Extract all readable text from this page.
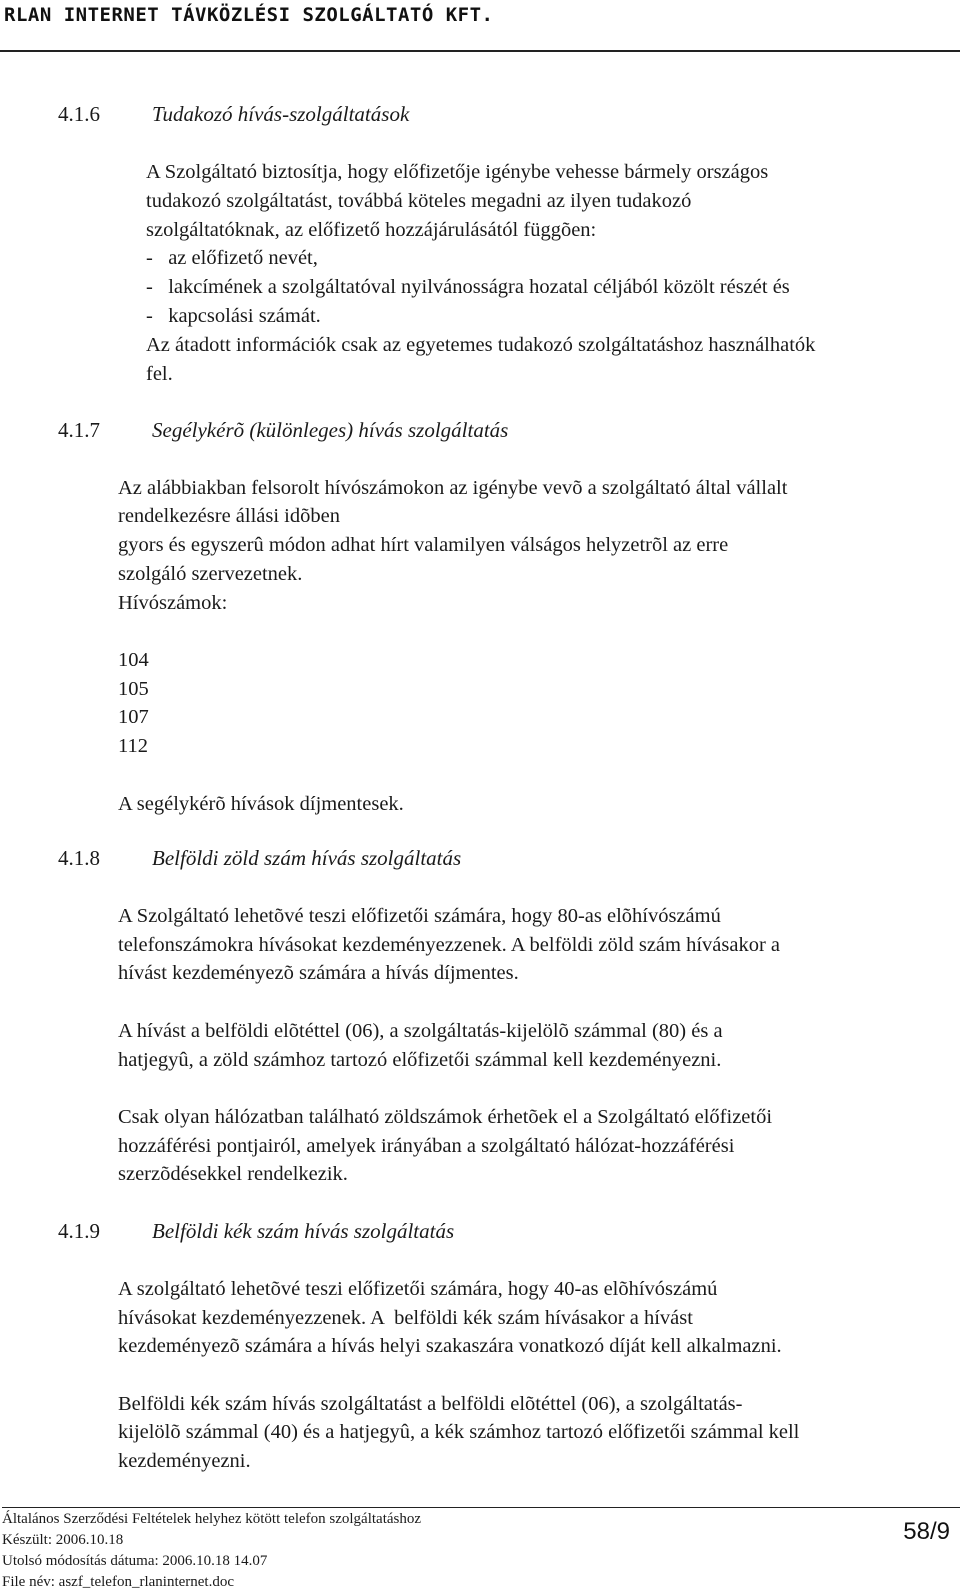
RLAN INTERNET TÁVKÖZLÉSI SZOLGÁLTATÓ KFT.
4.1.6 Tudakozó hívás-szolgáltatások
A Szolgáltató biztosítja, hogy előfizetője igénybe vehesse bármely országos
tudakozó szolgáltatást, továbbá köteles megadni az ilyen tudakozó
szolgáltatóknak, az előfizető hozzájárulásától függõen:
-   az előfizető nevét,
-   lakcímének a szolgáltatóval nyilvánosságra hozatal céljából közölt részét és
-   kapcsolási számát.
Az átadott információk csak az egyetemes tudakozó szolgáltatáshoz használhatók
fel.
4.1.7 Segélykérõ (különleges) hívás szolgáltatás
Az alábbiakban felsorolt hívószámokon az igénybe vevõ a szolgáltató által vállalt
rendelkezésre állási idõben
gyors és egyszerû módon adhat hírt valamilyen válságos helyzetrõl az erre
szolgáló szervezetnek.
Hívószámok:
104
105
107
112
A segélykérõ hívások díjmentesek.
4.1.8 Belföldi zöld szám hívás szolgáltatás
A Szolgáltató lehetõvé teszi előfizetői számára, hogy 80-as elõhívószámú
telefonszámokra hívásokat kezdeményezzenek. A belföldi zöld szám hívásakor a
hívást kezdeményezõ számára a hívás díjmentes.
A hívást a belföldi elõtéttel (06), a szolgáltatás-kijelölõ számmal (80) és a
hatjegyû, a zöld számhoz tartozó előfizetői számmal kell kezdeményezni.
Csak olyan hálózatban található zöldszámok érhetõek el a Szolgáltató előfizetői
hozzáférési pontjairól, amelyek irányában a szolgáltató hálózat-hozzáférési
szerzõdésekkel rendelkezik.
4.1.9 Belföldi kék szám hívás szolgáltatás
A szolgáltató lehetõvé teszi előfizetői számára, hogy 40-as elõhívószámú
hívásokat kezdeményezzenek. A  belföldi kék szám hívásakor a hívást
kezdeményezõ számára a hívás helyi szakaszára vonatkozó díját kell alkalmazni.
Belföldi kék szám hívás szolgáltatást a belföldi elõtéttel (06), a szolgáltatás-
kijelölõ számmal (40) és a hatjegyû, a kék számhoz tartozó előfizetői számmal kell
kezdeményezni.
Általános Szerződési Feltételek helyhez kötött telefon szolgáltatáshoz
Készült: 2006.10.18
Utolsó módosítás dátuma: 2006.10.18 14.07
File név: aszf_telefon_rlaninternet.doc
58/9
